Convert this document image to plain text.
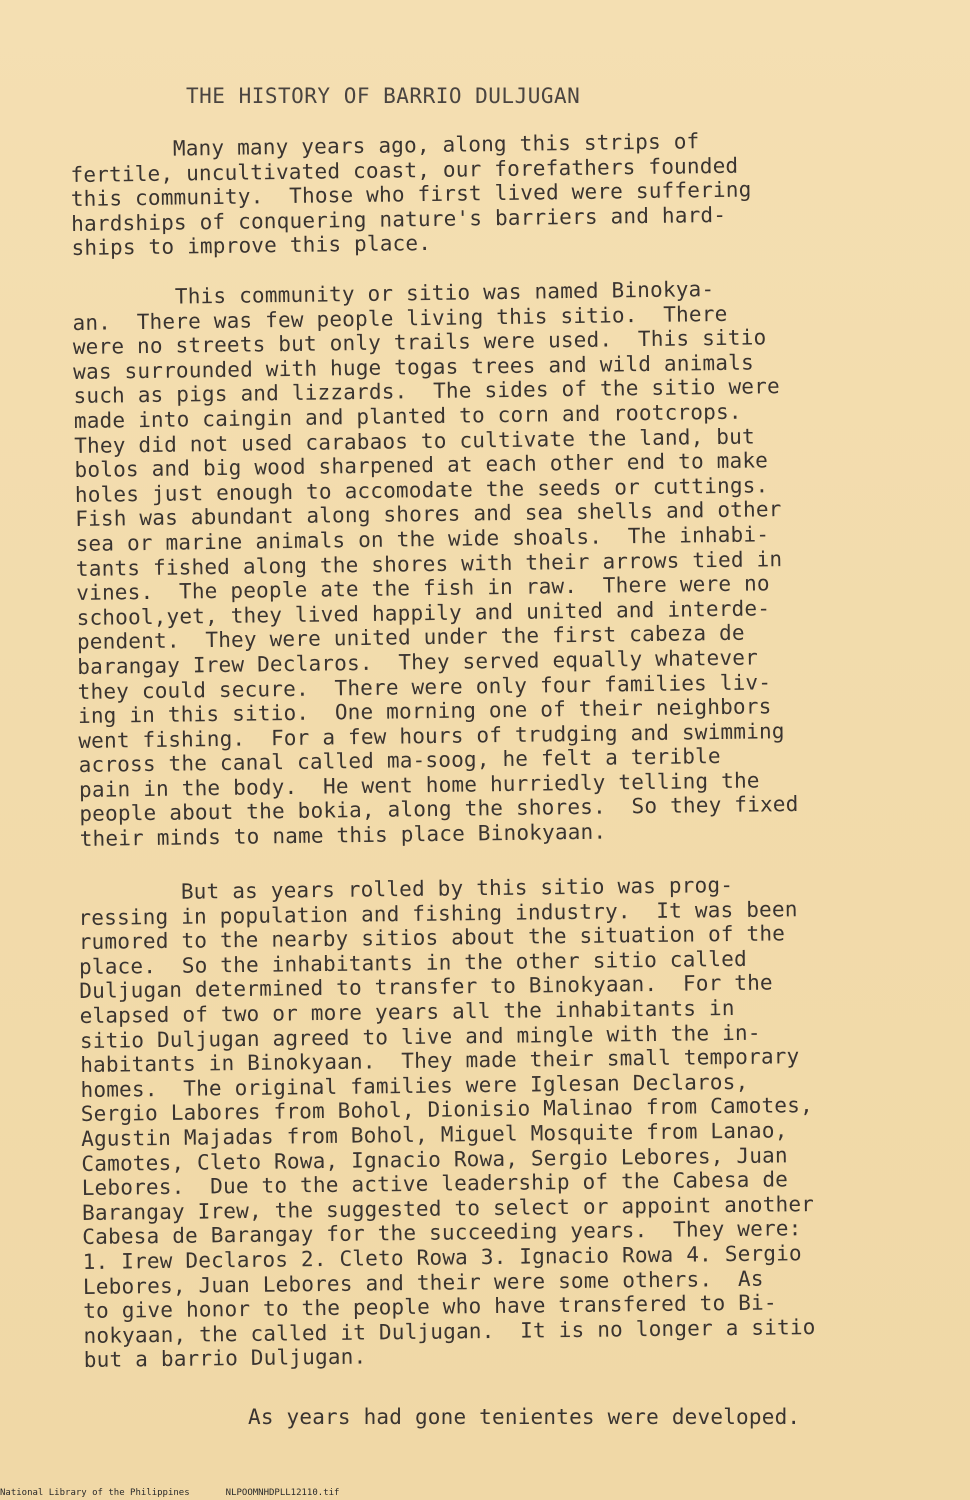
THE HISTORY OF BARRIO DULJUGAN
Many many years ago, along this strips of
fertile, uncultivated coast, our forefathers founded
this community.  Those who first lived were suffering
hardships of conquering nature's barriers and hard-
ships to improve this place.
This community or sitio was named Binokya-
an.  There was few people living this sitio.  There
were no streets but only trails were used.  This sitio
was surrounded with huge togas trees and wild animals
such as pigs and lizzards.  The sides of the sitio were
made into caingin and planted to corn and rootcrops.
They did not used carabaos to cultivate the land, but
bolos and big wood sharpened at each other end to make
holes just enough to accomodate the seeds or cuttings.
Fish was abundant along shores and sea shells and other
sea or marine animals on the wide shoals.  The inhabi-
tants fished along the shores with their arrows tied in
vines.  The people ate the fish in raw.  There were no
school,yet, they lived happily and united and interde-
pendent.  They were united under the first cabeza de
barangay Irew Declaros.  They served equally whatever
they could secure.  There were only four families liv-
ing in this sitio.  One morning one of their neighbors
went fishing.  For a few hours of trudging and swimming
across the canal called ma-soog, he felt a terible
pain in the body.  He went home hurriedly telling the
people about the bokia, along the shores.  So they fixed
their minds to name this place Binokyaan.
But as years rolled by this sitio was prog-
ressing in population and fishing industry.  It was been
rumored to the nearby sitios about the situation of the
place.  So the inhabitants in the other sitio called
Duljugan determined to transfer to Binokyaan.  For the
elapsed of two or more years all the inhabitants in
sitio Duljugan agreed to live and mingle with the in-
habitants in Binokyaan.  They made their small temporary
homes.  The original families were Iglesan Declaros,
Sergio Labores from Bohol, Dionisio Malinao from Camotes,
Agustin Majadas from Bohol, Miguel Mosquite from Lanao,
Camotes, Cleto Rowa, Ignacio Rowa, Sergio Lebores, Juan
Lebores.  Due to the active leadership of the Cabesa de
Barangay Irew, the suggested to select or appoint another
Cabesa de Barangay for the succeeding years.  They were:
1. Irew Declaros 2. Cleto Rowa 3. Ignacio Rowa 4. Sergio
Lebores, Juan Lebores and their were some others.  As
to give honor to the people who have transfered to Bi-
nokyaan, the called it Duljugan.  It is no longer a sitio
but a barrio Duljugan.
As years had gone tenientes were developed.
National Library of the Philippines	NLPOOMNHDPLL12110.tif
